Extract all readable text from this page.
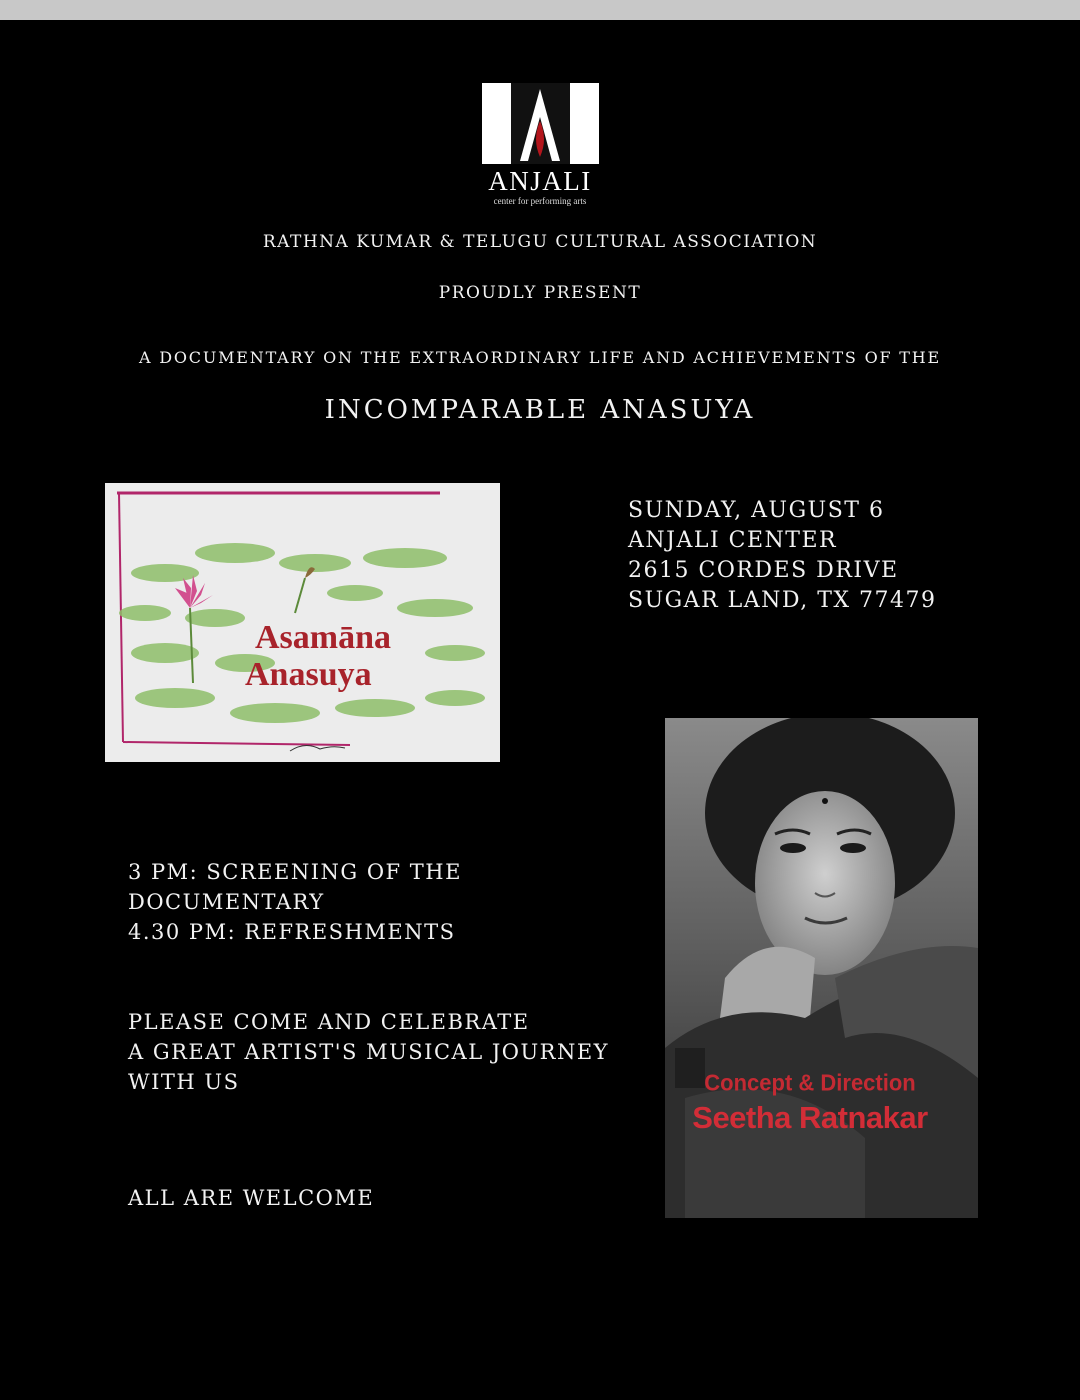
ANJALI
center for performing arts
RATHNA KUMAR & TELUGU CULTURAL ASSOCIATION
PROUDLY PRESENT
A DOCUMENTARY ON THE EXTRAORDINARY LIFE AND ACHIEVEMENTS OF THE
INCOMPARABLE ANASUYA
Asamāna

Anasuya
SUNDAY, AUGUST 6
ANJALI CENTER
2615 CORDES DRIVE
SUGAR LAND, TX 77479
3 PM: SCREENING OF THE
DOCUMENTARY
4.30 PM: REFRESHMENTS
PLEASE COME AND CELEBRATE
A GREAT ARTIST'S MUSICAL JOURNEY
WITH US
ALL ARE WELCOME
Concept & Direction
Seetha Ratnakar
